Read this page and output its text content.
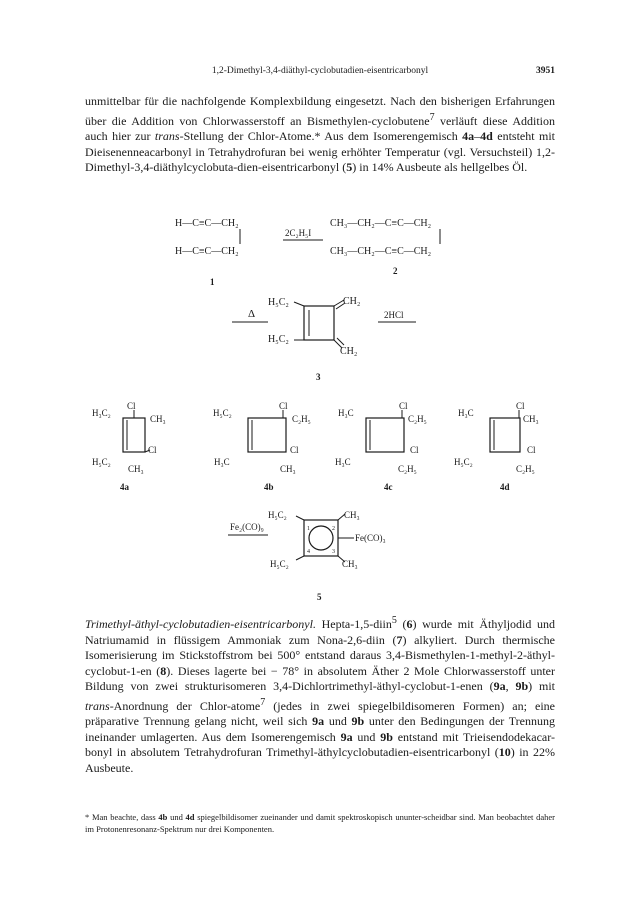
1,2-Dimethyl-3,4-diäthyl-cyclobutadien-eisentricarbonyl	3951

unmittelbar für die nachfolgende Komplexbildung eingesetzt. Nach den bisherigen Erfahrungen über die Addition von Chlorwasserstoff an Bismethylen-cyclobutene$^7$ verläuft diese Addition auch hier zur trans-Stellung der Chlor-Atome.* Aus dem Isomerengemisch 4a–4d entsteht mit Dieisenenneacarbonyl in Tetrahydrofuran bei wenig erhöhter Temperatur (vgl. Versuchsteil) 1,2-Dimethyl-3,4-diäthylcyclobuta-dien-eisentricarbonyl (5) in 14% Ausbeute als hellgelbes Öl.

H—C≡C—CH₂
H—C≡C—CH₂
1
2C₂H₅I
CH₃—CH₂—C≡C—CH₂
CH₃—CH₂—C≡C—CH₂
2
Δ
H₅C₂
H₅C₂
CH₂
CH₂
3
2HCl
H₃C₂
Cl
CH₃
Cl
H₅C₂
CH₃
4a
H₅C₂
Cl
C₂H₅
Cl
H₃C
CH₃
4b
H₃C
Cl
C₂H₅
Cl
H₃C
C₂H₅
4c
H₃C
Cl
CH₃
Cl
H₅C₂
C₂H₅
4d
Fe₂(CO)₉
H₅C₂	CH₃
H₅C₂	CH₃
Fe(CO)₃
1	2
3
4
5

Trimethyl-äthyl-cyclobutadien-eisentricarbonyl. Hepta-1,5-diin$^5$ (6) wurde mit Äthyljodid und Natriumamid in flüssigem Ammoniak zum Nona-2,6-diin (7) alkyliert. Durch thermische Isomerisierung im Stickstoffstrom bei 500° entstand daraus 3,4-Bismethylen-1-methyl-2-äthyl-cyclobut-1-en (8). Dieses lagerte bei − 78° in absolutem Äther 2 Mole Chlorwasserstoff unter Bildung von zwei strukturisomeren 3,4-Dichlortrimethyl-äthyl-cyclobut-1-enen (9a, 9b) mit trans-Anordnung der Chlor-atome$^7$ (jedes in zwei spiegelbildisomeren Formen) an; eine präparative Trennung gelang nicht, weil sich 9a und 9b unter den Bedingungen der Trennung ineinander umlagerten. Aus dem Isomerengemisch 9a und 9b entstand mit Trieisendodekacar-bonyl in absolutem Tetrahydrofuran Trimethyl-äthylcyclobutadien-eisentricarbonyl (10) in 22% Ausbeute.

* Man beachte, dass 4b und 4d spiegelbildisomer zueinander und damit spektroskopisch ununter-scheidbar sind. Man beobachtet daher im Protonenresonanz-Spektrum nur drei Komponenten.
